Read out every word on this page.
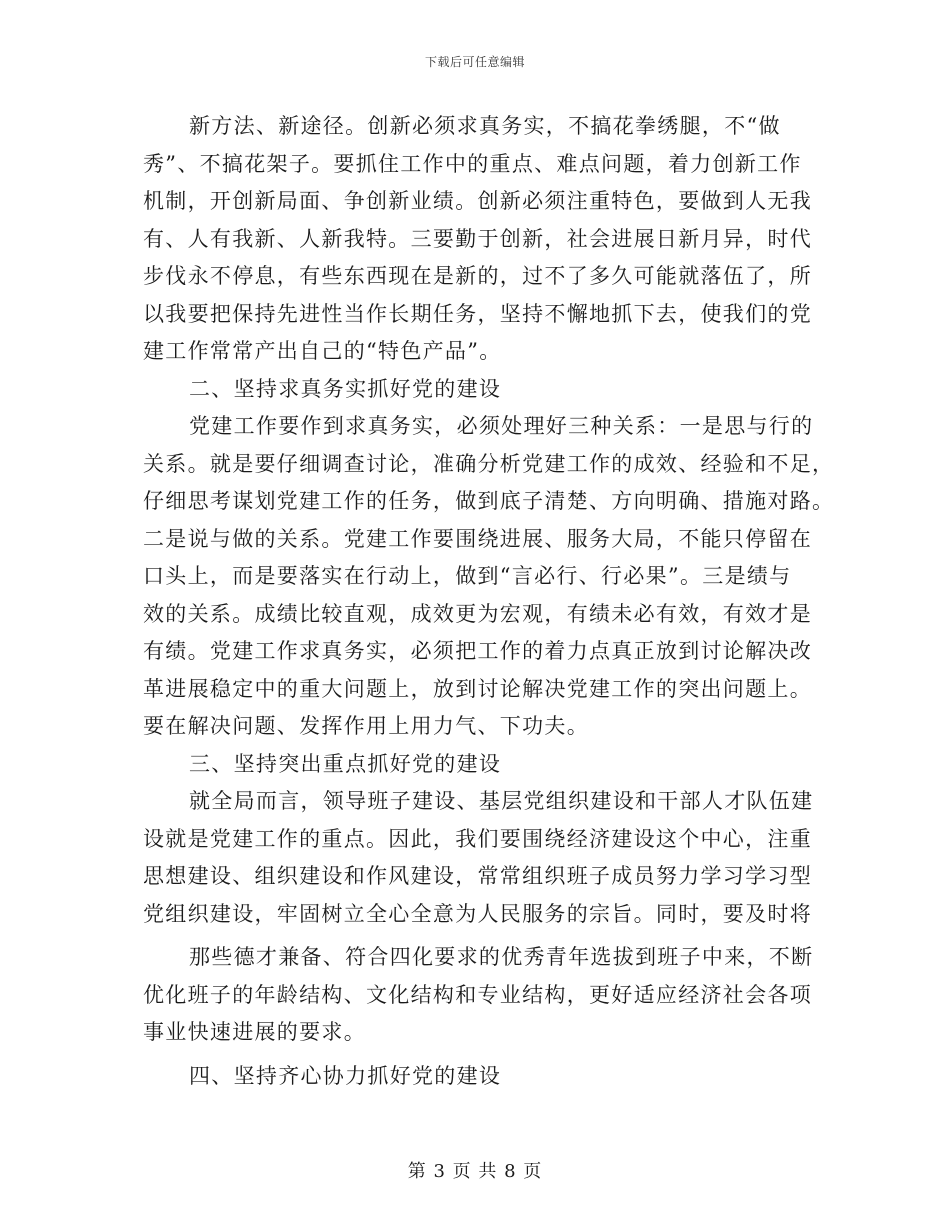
下载后可任意编辑
新方法、新途径。创新必须求真务实，不搞花拳绣腿，不“做
秀”、不搞花架子。要抓住工作中的重点、难点问题，着力创新工作
机制，开创新局面、争创新业绩。创新必须注重特色，要做到人无我
有、人有我新、人新我特。三要勤于创新，社会进展日新月异，时代
步伐永不停息，有些东西现在是新的，过不了多久可能就落伍了，所
以我要把保持先进性当作长期任务，坚持不懈地抓下去，使我们的党
建工作常常产出自己的“特色产品”。
二、坚持求真务实抓好党的建设
党建工作要作到求真务实，必须处理好三种关系：一是思与行的
关系。就是要仔细调查讨论，准确分析党建工作的成效、经验和不足，
仔细思考谋划党建工作的任务，做到底子清楚、方向明确、措施对路。
二是说与做的关系。党建工作要围绕进展、服务大局，不能只停留在
口头上，而是要落实在行动上，做到“言必行、行必果”。三是绩与
效的关系。成绩比较直观，成效更为宏观，有绩未必有效，有效才是
有绩。党建工作求真务实，必须把工作的着力点真正放到讨论解决改
革进展稳定中的重大问题上，放到讨论解决党建工作的突出问题上。
要在解决问题、发挥作用上用力气、下功夫。
三、坚持突出重点抓好党的建设
就全局而言，领导班子建设、基层党组织建设和干部人才队伍建
设就是党建工作的重点。因此，我们要围绕经济建设这个中心，注重
思想建设、组织建设和作风建设，常常组织班子成员努力学习学习型
党组织建设，牢固树立全心全意为人民服务的宗旨。同时，要及时将
那些德才兼备、符合四化要求的优秀青年选拔到班子中来，不断
优化班子的年龄结构、文化结构和专业结构，更好适应经济社会各项
事业快速进展的要求。
四、坚持齐心协力抓好党的建设
第 3 页 共 8 页
